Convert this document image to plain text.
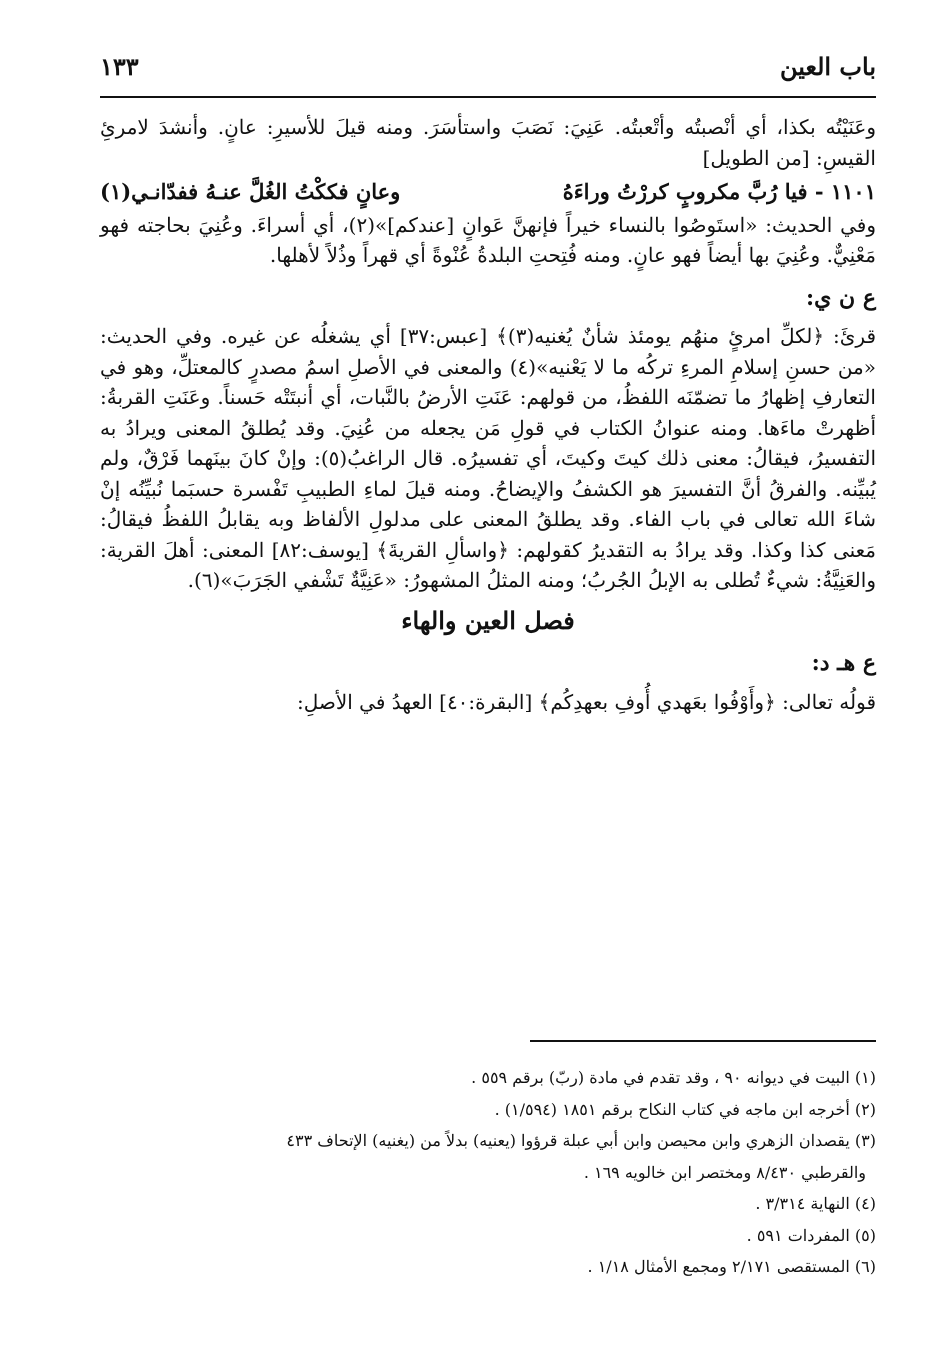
باب العين
١٣٣

وعَنَيْتُه بكذا، أي أنْصبتُه وأتْعبتُه. عَنِيَ: نَصَبَ واستأسَرَ. ومنه قيلَ للأسيرِ: عانٍ. وأنشدَ لامرئِ القيسِ: [من الطويل]

١١٠١ - فيا رُبَّ مكروبٍ كررْتُ وراءَهُ
وعانٍ فككْتُ الغُلَّ عنـهُ ففدّانـي(١)

وفي الحديث: «استَوصُوا بالنساء خيراً فإنهنَّ عَوانٍ [عندكم]»(٢)، أي أسراءَ. وعُنِيَ بحاجته فهو مَعْنِيٌّ. وعُنِيَ بها أيضاً فهو عانٍ. ومنه فُتِحتِ البلدةُ عُنْوةً أي قهراً وذُلاً لأهلها.

ع ن ي:

قرئَ: ﴿لكلِّ امرئٍ منهُم يومئذ شأنٌ يُغنيه(٣)﴾ [عبس:٣٧] أي يشغلُه عن غيره. وفي الحديث: «من حسنِ إسلامِ المرءِ تركُه ما لا يَعْنيه»(٤) والمعنى في الأصلِ اسمُ مصدرٍ كالمعتلِّ، وهو في التعارفِ إظهارُ ما تضمّنَه اللفظُ، من قولهم: عَنَتِ الأرضُ بالنَّبات، أي أنبتَتْه حَسناً. وعَنَتِ القربةُ: أظهرتْ ماءَها. ومنه عنوانُ الكتاب في قولِ مَن يجعله من عُنِيَ. وقد يُطلقُ المعنى ويرادُ به التفسيرُ، فيقالُ: معنى ذلك كيتَ وكيتَ، أي تفسيرُه. قال الراغبُ(٥): وإنْ كانَ بينَهما فَرْقٌ، ولم يُبيِّنه. والفرقُ أنَّ التفسيرَ هو الكشفُ والإيضاحُ. ومنه قيلَ لماءِ الطبيبِ تَفْسرة حسبَما نُبيِّنُه إنْ شاءَ الله تعالى في باب الفاء. وقد يطلقُ المعنى على مدلولِ الألفاظ وبه يقابلُ اللفظُ فيقالُ: مَعنى كذا وكذا. وقد يرادُ به التقديرُ كقولهم: ﴿واسألِ القريةَ﴾ [يوسف:٨٢] المعنى: أهلَ القرية: والعَنِيَّةُ: شيءٌ تُطلى به الإبلُ الجُربُ؛ ومنه المثلُ المشهورُ: «عَنِيَّةٌ تَشْفي الجَرَبَ»(٦).

فصل العين والهاء
ع هـ د:

قولُه تعالى: ﴿وأَوْفُوا بعَهدي أُوفِ بعهدِكُم﴾ [البقرة:٤٠] العهدُ في الأصلِ:

(١) البيت في ديوانه ٩٠ ، وقد تقدم في مادة (ربّ) برقم ٥٥٩ .

(٢) أخرجه ابن ماجه في كتاب النكاح برقم ١٨٥١ (١/٥٩٤) .

(٣) يقصدان الزهري وابن محيصن وابن أبي عبلة قرؤوا (يعنيه) بدلاً من (يغنيه) الإتحاف ٤٣٣

والقرطبي ٨/٤٣٠ ومختصر ابن خالويه ١٦٩ .

(٤) النهاية ٣/٣١٤ .

(٥) المفردات ٥٩١ .

(٦) المستقصى ٢/١٧١ ومجمع الأمثال ١/١٨ .
